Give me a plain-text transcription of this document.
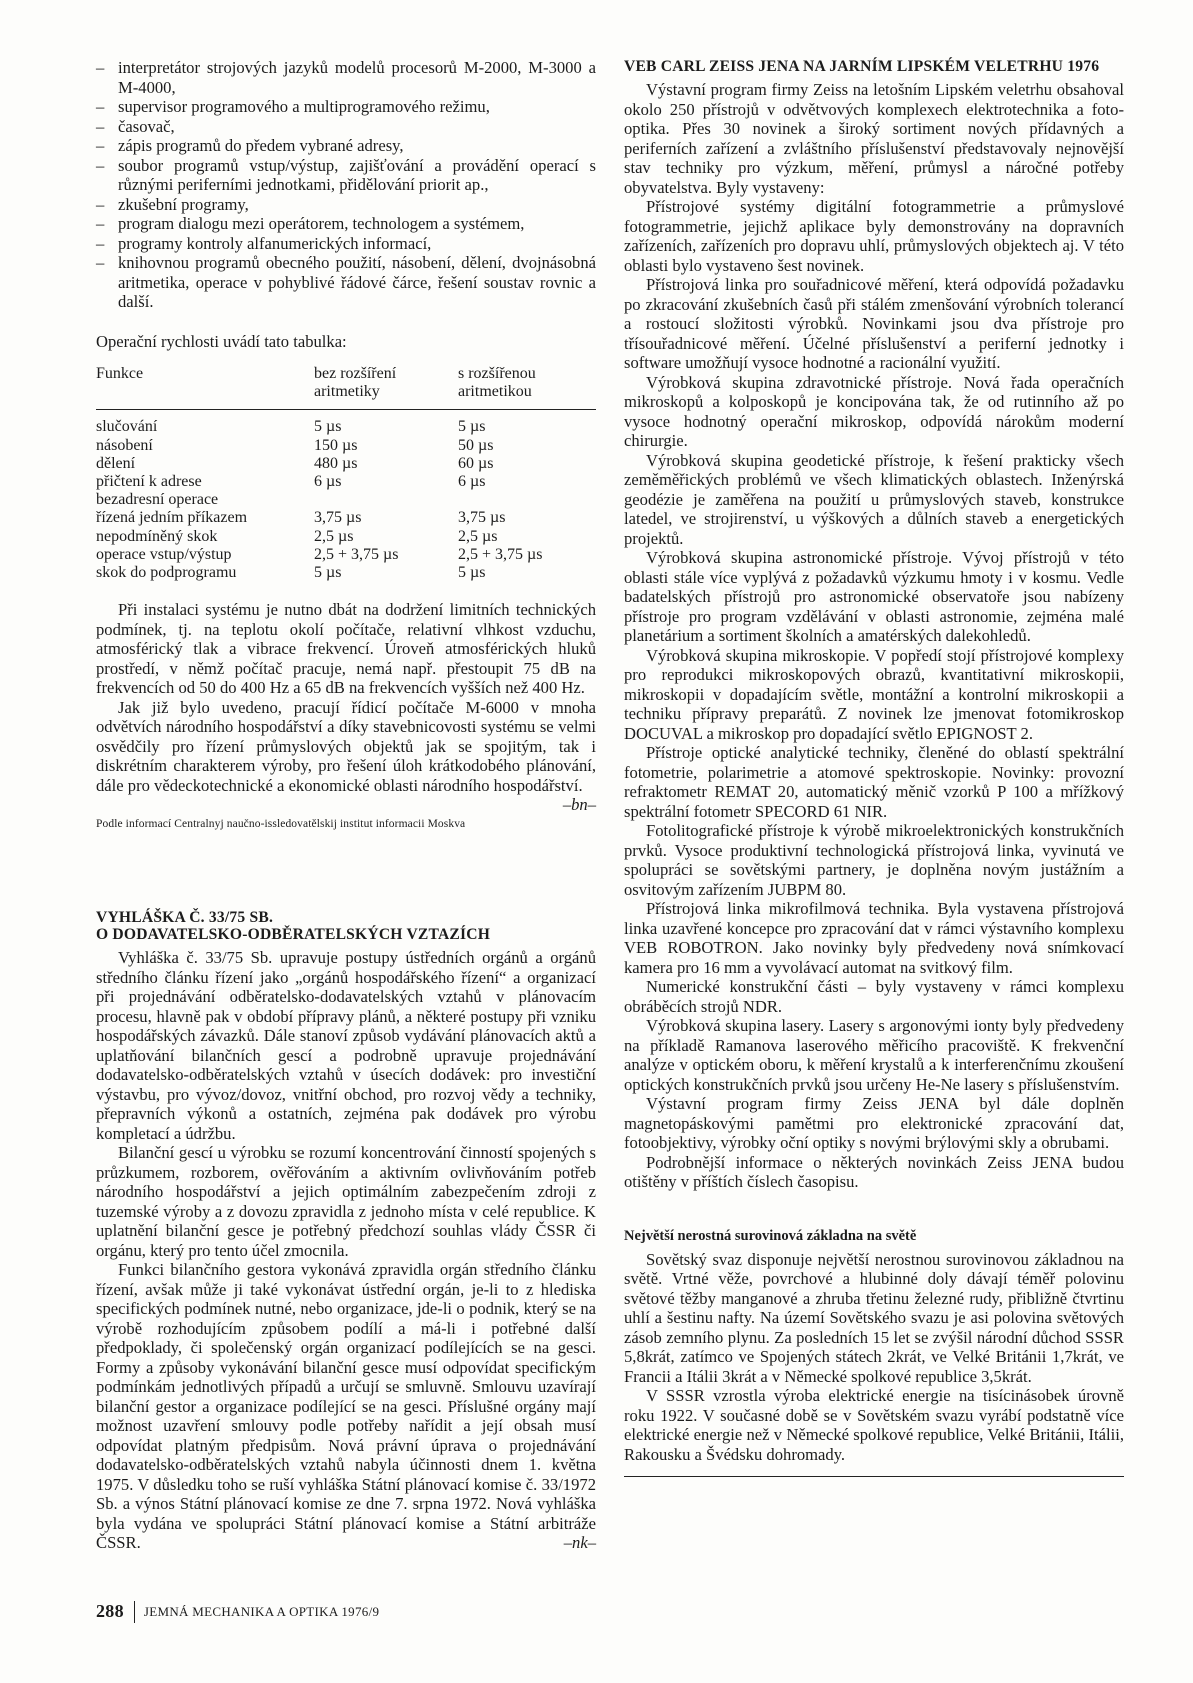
– interpretátor strojových jazyků modelů procesorů M-2000, M-3000 a M-4000,
– supervisor programového a multiprogramového režimu,
– časovač,
– zápis programů do předem vybrané adresy,
– soubor programů vstup/výstup, zajišťování a provádění operací s různými periferními jednotkami, přidělování priorit ap.,
– zkušební programy,
– program dialogu mezi operátorem, technologem a systémem,
– programy kontroly alfanumerických informací,
– knihovnou programů obecného použití, násobení, dělení, dvojnásobná aritmetika, operace v pohyblivé řádové čárce, řešení soustav rovnic a další.

Operační rychlosti uvádí tato tabulka:

Funkce	bez rozšíření aritmetiky	s rozšířenou aritmetikou
slučování	5 µs	5 µs
násobení	150 µs	50 µs
dělení	480 µs	60 µs
přičtení k adrese	6 µs	6 µs
bezadresní operace		
řízená jedním příkazem	3,75 µs	3,75 µs
nepodmíněný skok	2,5 µs	2,5 µs
operace vstup/výstup	2,5 + 3,75 µs	2,5 + 3,75 µs
skok do podprogramu	5 µs	5 µs

Při instalaci systému je nutno dbát na dodržení limitních technických podmínek, tj. na teplotu okolí počítače, relativní vlhkost vzduchu, atmosférický tlak a vibrace frekvencí. Úroveň atmosférických hluků prostředí, v němž počítač pracuje, nemá např. přestoupit 75 dB na frekvencích od 50 do 400 Hz a 65 dB na frekvencích vyšších než 400 Hz.

Jak již bylo uvedeno, pracují řídicí počítače M-6000 v mnoha odvětvích národního hospodářství a díky stavebnicovosti systému se velmi osvědčily pro řízení průmyslových objektů jak se spojitým, tak i diskrétním charakterem výroby, pro řešení úloh krátkodobého plánování, dále pro vědeckotechnické a ekonomické oblasti národního hospodářství.
–bn–

Podle informací Centralnyj naučno-issledovatělskij institut informacii Moskva
VYHLÁŠKA Č. 33/75 SB.
O DODAVATELSKO-ODBĚRATELSKÝCH VZTAZÍCH

Vyhláška č. 33/75 Sb. upravuje postupy ústředních orgánů a orgánů středního článku řízení jako „orgánů hospodářského řízení“ a organizací při projednávání odběratelsko-dodavatelských vztahů v plánovacím procesu, hlavně pak v období přípravy plánů, a některé postupy při vzniku hospodářských závazků. Dále stanoví způsob vydávání plánovacích aktů a uplatňování bilančních gescí a podrobně upravuje projednávání dodavatelsko-odběratelských vztahů v úsecích dodávek: pro investiční výstavbu, pro vývoz/dovoz, vnitřní obchod, pro rozvoj vědy a techniky, přepravních výkonů a ostatních, zejména pak dodávek pro výrobu kompletací a údržbu.

Bilanční gescí u výrobku se rozumí koncentrování činností spojených s průzkumem, rozborem, ověřováním a aktivním ovlivňováním potřeb národního hospodářství a jejich optimálním zabezpečením zdroji z tuzemské výroby a z dovozu zpravidla z jednoho místa v celé republice. K uplatnění bilanční gesce je potřebný předchozí souhlas vlády ČSSR či orgánu, který pro tento účel zmocnila.

Funkci bilančního gestora vykonává zpravidla orgán středního článku řízení, avšak může ji také vykonávat ústřední orgán, je-li to z hlediska specifických podmínek nutné, nebo organizace, jde-li o podnik, který se na výrobě rozhodujícím způsobem podílí a má-li i potřebné další předpoklady, či společenský orgán organizací podílejících se na gesci. Formy a způsoby vykonávání bilanční gesce musí odpovídat specifickým podmínkám jednotlivých případů a určují se smluvně. Smlouvu uzavírají bilanční gestor a organizace podílející se na gesci. Příslušné orgány mají možnost uzavření smlouvy podle potřeby nařídit a její obsah musí odpovídat platným předpisům. Nová právní úprava o projednávání dodavatelsko-odběratelských vztahů nabyla účinnosti dnem 1. května 1975. V důsledku toho se ruší vyhláška Státní plánovací komise č. 33/1972 Sb. a výnos Státní plánovací komise ze dne 7. srpna 1972. Nová vyhláška byla vydána ve spolupráci Státní plánovací komise a Státní arbitráže ČSSR.	–nk–

VEB CARL ZEISS JENA NA JARNÍM LIPSKÉM VELETRHU 1976

Výstavní program firmy Zeiss na letošním Lipském veletrhu obsahoval okolo 250 přístrojů v odvětvových komplexech elektrotechnika a foto-optika. Přes 30 novinek a široký sortiment nových přídavných a periferních zařízení a zvláštního příslušenství představovaly nejnovější stav techniky pro výzkum, měření, průmysl a náročné potřeby obyvatelstva. Byly vystaveny:

Přístrojové systémy digitální fotogrammetrie a průmyslové fotogrammetrie, jejichž aplikace byly demonstrovány na dopravních zařízeních, zařízeních pro dopravu uhlí, průmyslových objektech aj. V této oblasti bylo vystaveno šest novinek.

Přístrojová linka pro souřadnicové měření, která odpovídá požadavku po zkracování zkušebních časů při stálém zmenšování výrobních tolerancí a rostoucí složitosti výrobků. Novinkami jsou dva přístroje pro třísouřadnicové měření. Účelné příslušenství a periferní jednotky i software umožňují vysoce hodnotné a racionální využití.

Výrobková skupina zdravotnické přístroje. Nová řada operačních mikroskopů a kolposkopů je koncipována tak, že od rutinního až po vysoce hodnotný operační mikroskop, odpovídá nárokům moderní chirurgie.

Výrobková skupina geodetické přístroje, k řešení prakticky všech zeměměřických problémů ve všech klimatických oblastech. Inženýrská geodézie je zaměřena na použití u průmyslových staveb, konstrukce latedel, ve strojirenství, u výškových a důlních staveb a energetických projektů.

Výrobková skupina astronomické přístroje. Vývoj přístrojů v této oblasti stále více vyplývá z požadavků výzkumu hmoty i v kosmu. Vedle badatelských přístrojů pro astronomické observatoře jsou nabízeny přístroje pro program vzdělávání v oblasti astronomie, zejména malé planetárium a sortiment školních a amatérských dalekohledů.

Výrobková skupina mikroskopie. V popředí stojí přístrojové komplexy pro reprodukci mikroskopových obrazů, kvantitativní mikroskopii, mikroskopii v dopadajícím světle, montážní a kontrolní mikroskopii a techniku přípravy preparátů. Z novinek lze jmenovat fotomikroskop DOCUVAL a mikroskop pro dopadající světlo EPIGNOST 2.

Přístroje optické analytické techniky, členěné do oblastí spektrální fotometrie, polarimetrie a atomové spektroskopie. Novinky: provozní refraktometr REMAT 20, automatický měnič vzorků P 100 a mřížkový spektrální fotometr SPECORD 61 NIR.

Fotolitografické přístroje k výrobě mikroelektronických konstrukčních prvků. Vysoce produktivní technologická přístrojová linka, vyvinutá ve spolupráci se sovětskými partnery, je doplněna novým justážním a osvitovým zařízením JUBPM 80.

Přístrojová linka mikrofilmová technika. Byla vystavena přístrojová linka uzavřené koncepce pro zpracování dat v rámci výstavního komplexu VEB ROBOTRON. Jako novinky byly předvedeny nová snímkovací kamera pro 16 mm a vyvolávací automat na svitkový film.

Numerické konstrukční části – byly vystaveny v rámci komplexu obráběcích strojů NDR.

Výrobková skupina lasery. Lasery s argonovými ionty byly předvedeny na příkladě Ramanova laserového měřicího pracoviště. K frekvenční analýze v optickém oboru, k měření krystalů a k interferenčnímu zkoušení optických konstrukčních prvků jsou určeny He-Ne lasery s příslušenstvím.

Výstavní program firmy Zeiss JENA byl dále doplněn magnetopáskovými pamětmi pro elektronické zpracování dat, fotoobjektivy, výrobky oční optiky s novými brýlovými skly a obrubami.

Podrobnější informace o některých novinkách Zeiss JENA budou otištěny v příštích číslech časopisu.

Největší nerostná surovinová základna na světě

Sovětský svaz disponuje největší nerostnou surovinovou základnou na světě. Vrtné věže, povrchové a hlubinné doly dávají téměř polovinu světové těžby manganové a zhruba třetinu železné rudy, přibližně čtvrtinu uhlí a šestinu nafty. Na území Sovětského svazu je asi polovina světových zásob zemního plynu. Za posledních 15 let se zvýšil národní důchod SSSR 5,8krát, zatímco ve Spojených státech 2krát, ve Velké Británii 1,7krát, ve Francii a Itálii 3krát a v Německé spolkové republice 3,5krát.

V SSSR vzrostla výroba elektrické energie na tisícinásobek úrovně roku 1922. V současné době se v Sovětském svazu vyrábí podstatně více elektrické energie než v Německé spolkové republice, Velké Británii, Itálii, Rakousku a Švédsku dohromady.

288 JEMNÁ MECHANIKA A OPTIKA 1976/9
